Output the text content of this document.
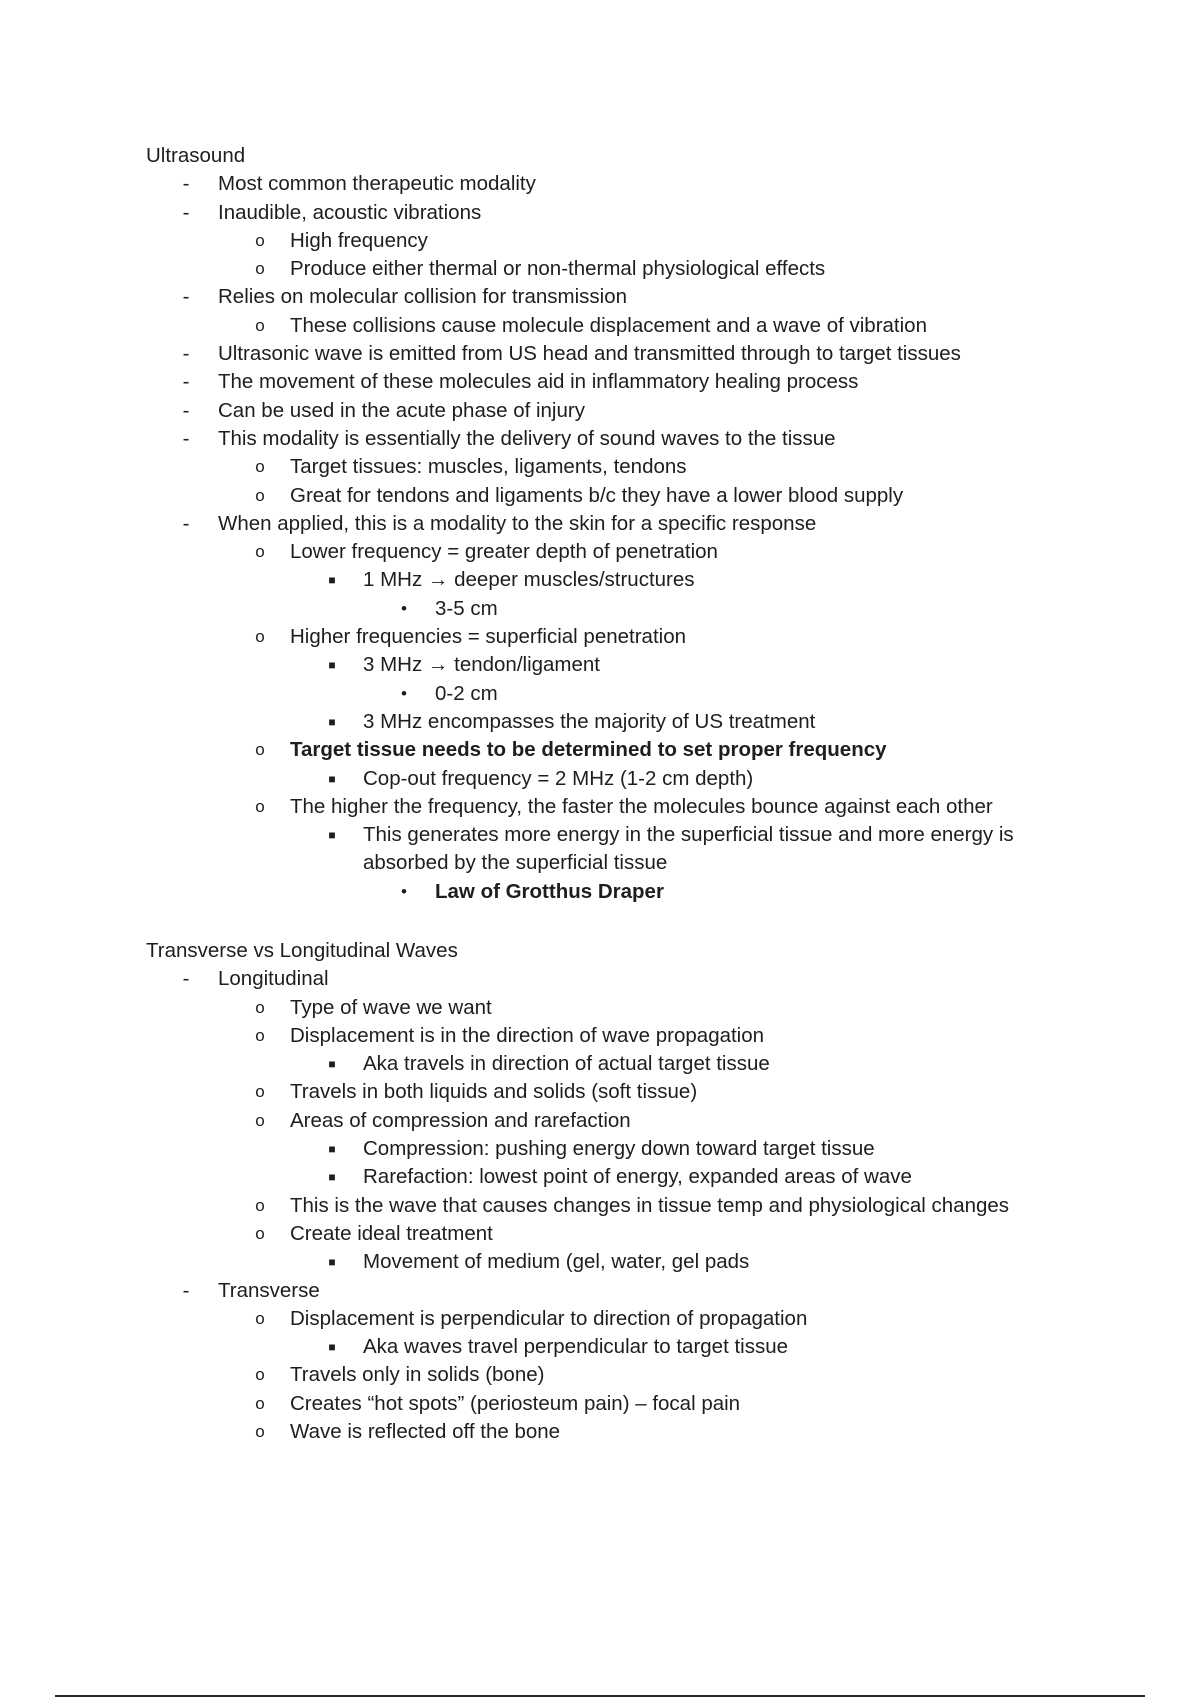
Ultrasound
-	Most common therapeutic modality
-	Inaudible, acoustic vibrations
o	High frequency
o	Produce either thermal or non-thermal physiological effects
-	Relies on molecular collision for transmission
o	These collisions cause molecule displacement and a wave of vibration
-	Ultrasonic wave is emitted from US head and transmitted through to target tissues
-	The movement of these molecules aid in inflammatory healing process
-	Can be used in the acute phase of injury
-	This modality is essentially the delivery of sound waves to the tissue
o	Target tissues: muscles, ligaments, tendons
o	Great for tendons and ligaments b/c they have a lower blood supply
-	When applied, this is a modality to the skin for a specific response
o	Lower frequency = greater depth of penetration
■	1 MHz → deeper muscles/structures
•	3-5 cm
o	Higher frequencies = superficial penetration
■	3 MHz → tendon/ligament
•	0-2 cm
■	3 MHz encompasses the majority of US treatment
o	Target tissue needs to be determined to set proper frequency
■	Cop-out frequency = 2 MHz (1-2 cm depth)
o	The higher the frequency, the faster the molecules bounce against each other
■	This generates more energy in the superficial tissue and more energy is absorbed by the superficial tissue
•	Law of Grotthus Draper
Transverse vs Longitudinal Waves
-	Longitudinal
o	Type of wave we want
o	Displacement is in the direction of wave propagation
■	Aka travels in direction of actual target tissue
o	Travels in both liquids and solids (soft tissue)
o	Areas of compression and rarefaction
■	Compression: pushing energy down toward target tissue
■	Rarefaction: lowest point of energy, expanded areas of wave
o	This is the wave that causes changes in tissue temp and physiological changes
o	Create ideal treatment
■	Movement of medium (gel, water, gel pads
-	Transverse
o	Displacement is perpendicular to direction of propagation
■	Aka waves travel perpendicular to target tissue
o	Travels only in solids (bone)
o	Creates “hot spots” (periosteum pain) – focal pain
o	Wave is reflected off the bone
